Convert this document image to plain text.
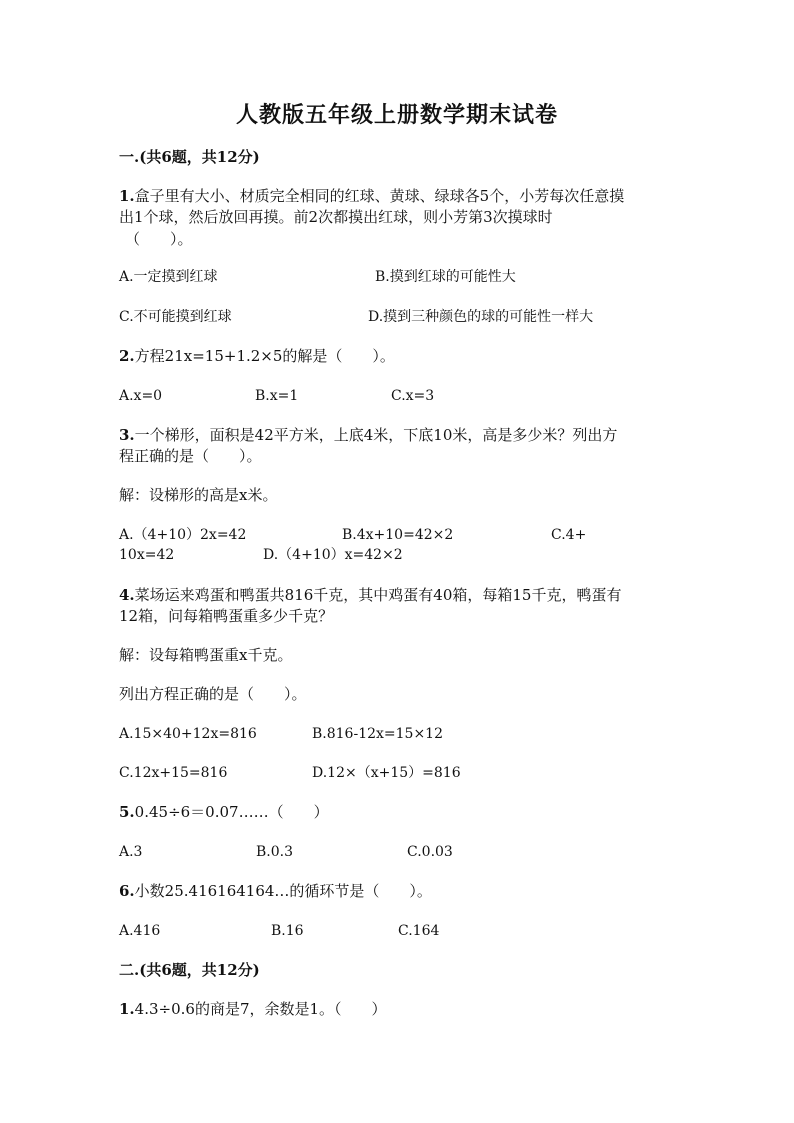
人教版五年级上册数学期末试卷
一.(共6题，共12分)
1.盒子里有大小、材质完全相同的红球、黄球、绿球各5个，小芳每次任意摸
出1个球，然后放回再摸。前2次都摸出红球，则小芳第3次摸球时
（　　）。
A.一定摸到红球	B.摸到红球的可能性大
C.不可能摸到红球	D.摸到三种颜色的球的可能性一样大
2.方程21x=15+1.2×5的解是（　　）。
A.x=0	B.x=1	C.x=3
3.一个梯形，面积是42平方米，上底4米，下底10米，高是多少米？列出方
程正确的是（　　）。
解：设梯形的高是x米。
A.（4+10）2x=42	B.4x+10=42×2	C.4+
10x=42	D.（4+10）x=42×2
4.菜场运来鸡蛋和鸭蛋共816千克，其中鸡蛋有40箱，每箱15千克，鸭蛋有
12箱，问每箱鸭蛋重多少千克？
解：设每箱鸭蛋重x千克。
列出方程正确的是（　　）。
A.15×40+12x=816	B.816-12x=15×12
C.12x+15=816	D.12×（x+15）=816
5.0.45÷6＝0.07……（　　）
A.3	B.0.3	C.0.03
6.小数25.416164164…的循环节是（　　）。
A.416	B.16	C.164
二.(共6题，共12分)
1.4.3÷0.6的商是7，余数是1。（　　）
